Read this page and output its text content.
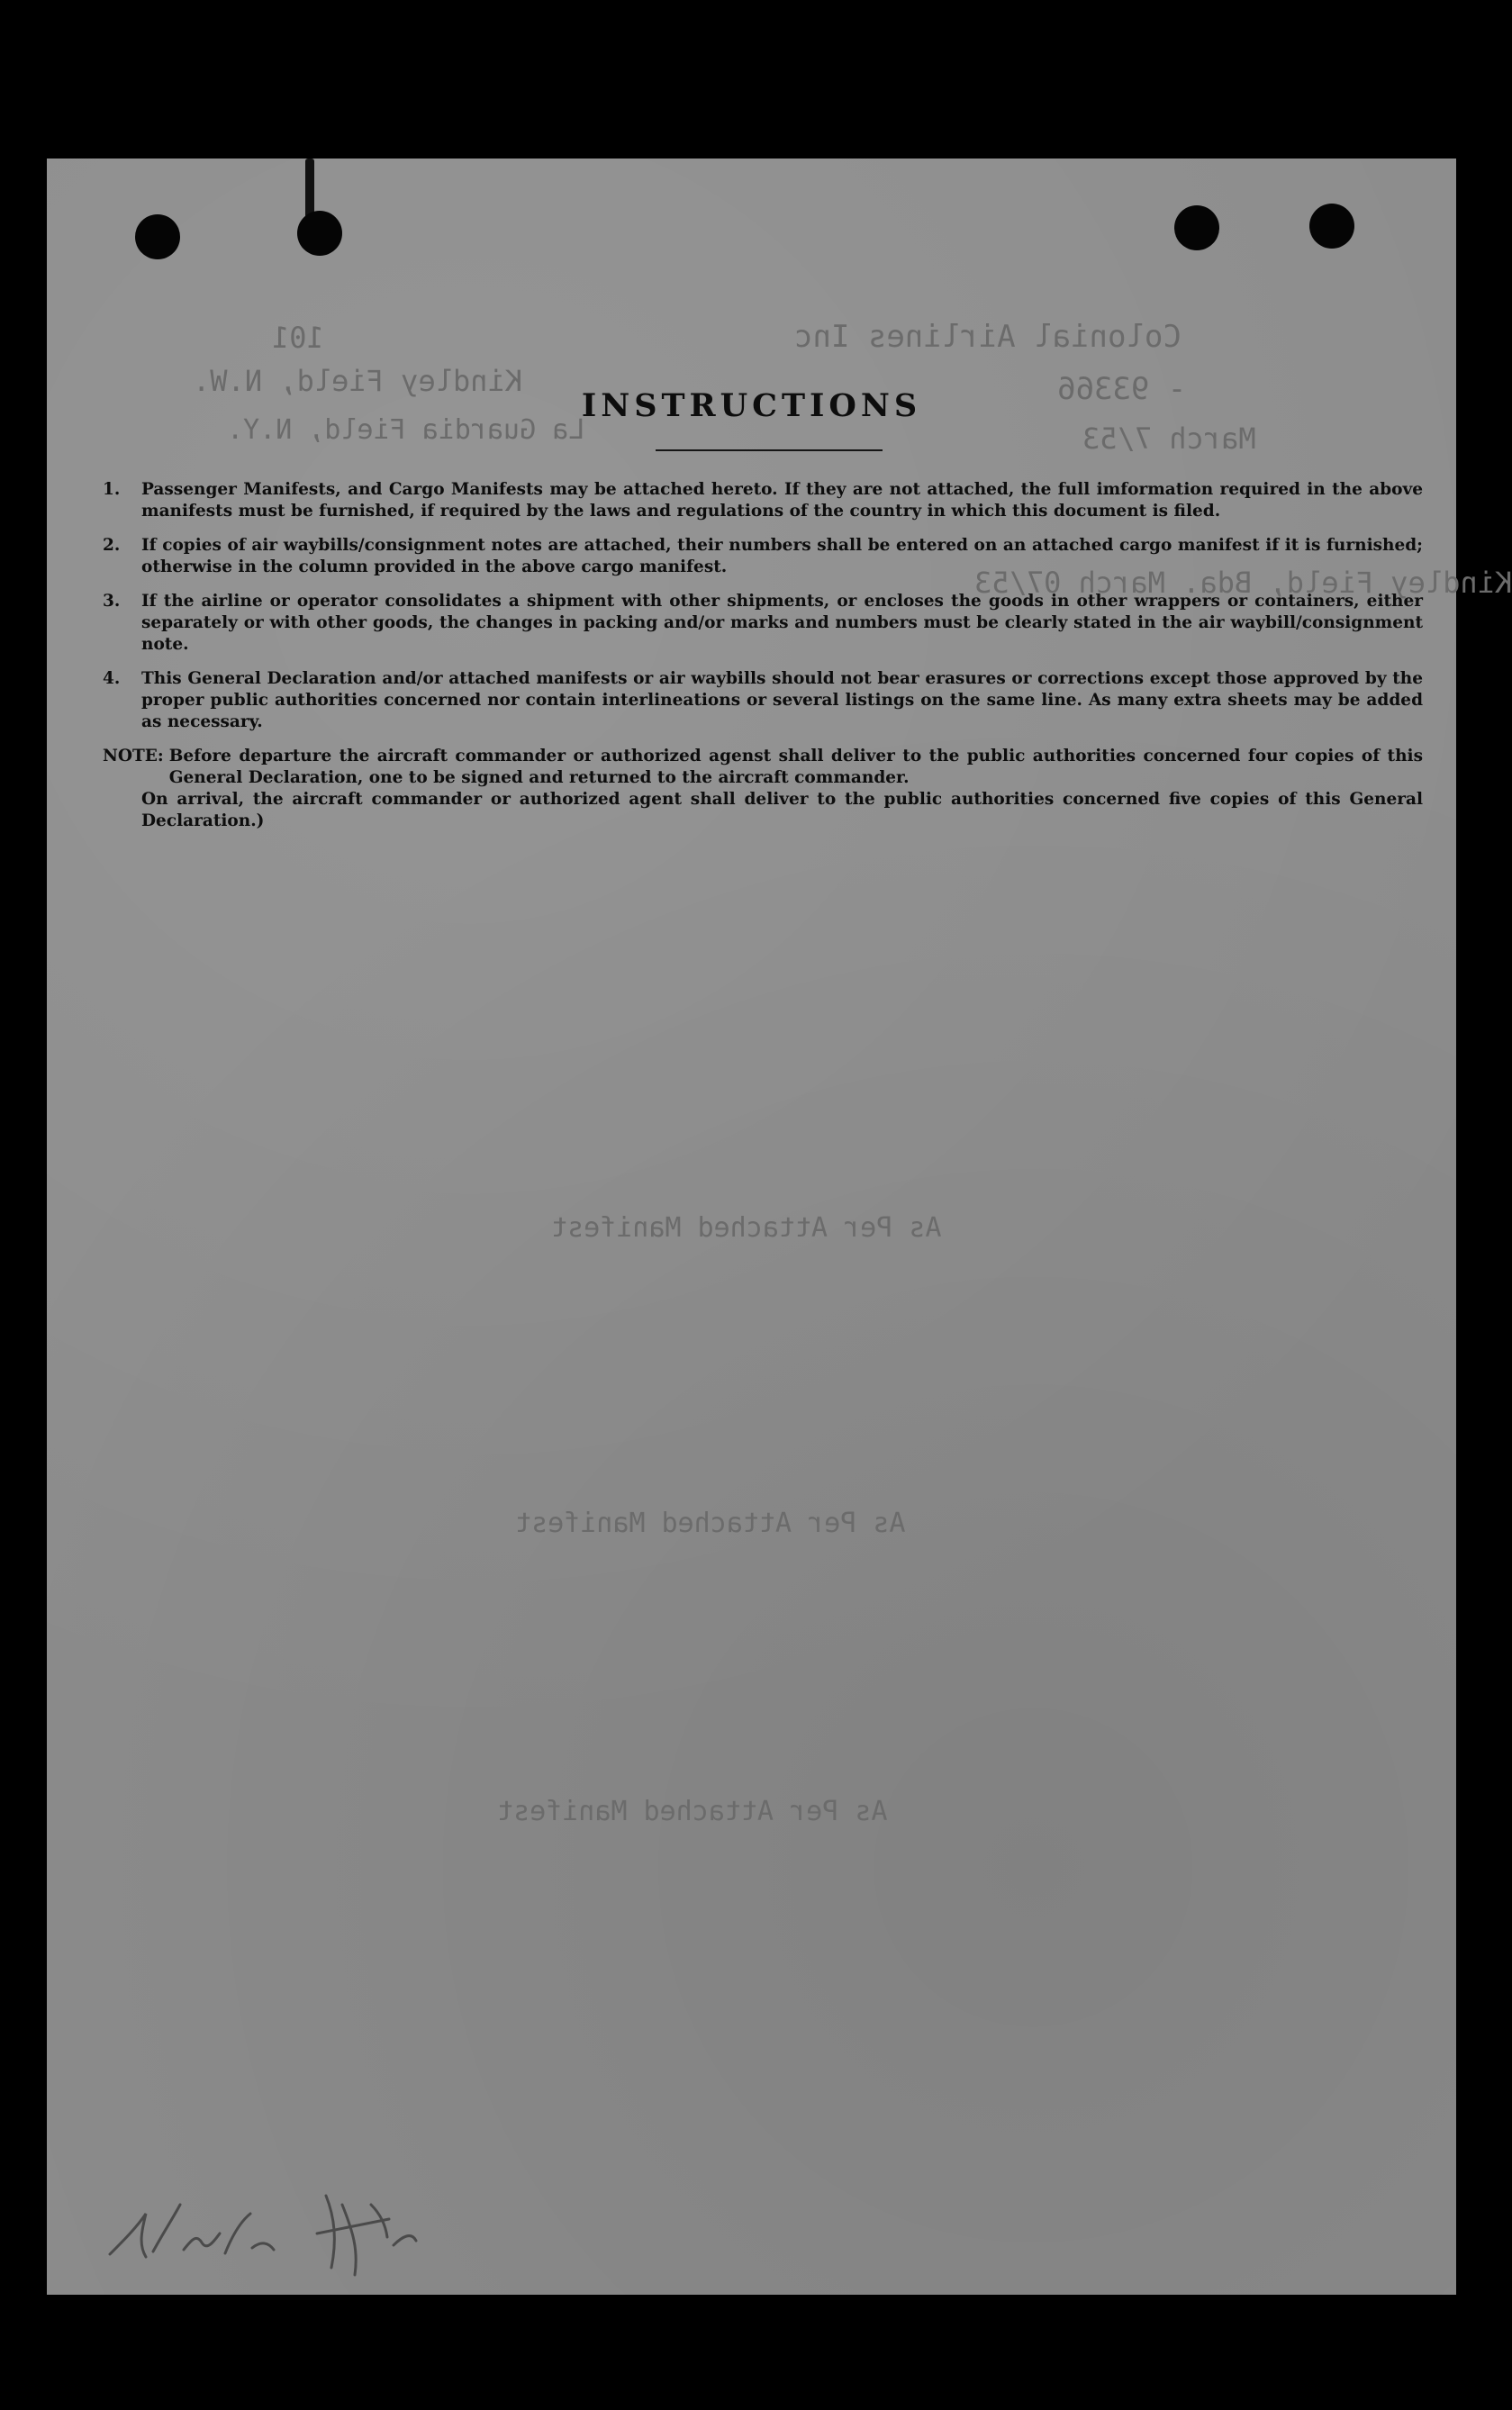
Colonial Airlines Inc
101
- 93366
Kindley Field, N.W.
March 7/53
La Guardia Field, N.Y.
Kindley Field, Bda. March 07/53
As Per Attached Manifest
As Per Attached Manifest
As Per Attached Manifest
INSTRUCTIONS
1.	Passenger Manifests, and Cargo Manifests may be attached hereto. If they are not attached, the full imformation required in the above manifests must be furnished, if required by the laws and regulations of the country in which this document is filed.
2.	If copies of air waybills/consignment notes are attached, their numbers shall be entered on an attached cargo manifest if it is furnished; otherwise in the column provided in the above cargo manifest.
3.	If the airline or operator consolidates a shipment with other shipments, or encloses the goods in other wrappers or containers, either separately or with other goods, the changes in packing and/or marks and numbers must be clearly stated in the air waybill/consignment note.
4.	This General Declaration and/or attached manifests or air waybills should not bear erasures or corrections except those approved by the proper public authorities concerned nor contain interlineations or several listings on the same line. As many extra sheets may be added as necessary.
NOTE: Before departure the aircraft commander or authorized agenst shall deliver to the public authorities concerned four copies of this General Declaration, one to be signed and returned to the aircraft commander.
On arrival, the aircraft commander or authorized agent shall deliver to the public authorities concerned five copies of this General Declaration.)
